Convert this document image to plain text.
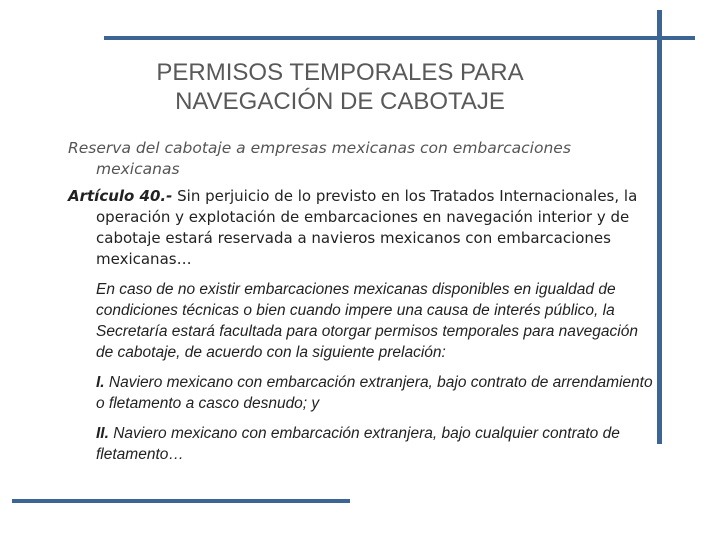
PERMISOS TEMPORALES PARA
NAVEGACIÓN DE CABOTAJE

Reserva del cabotaje a empresas mexicanas con embarcaciones mexicanas

Artículo 40.- Sin perjuicio de lo previsto en los Tratados Internacionales, la operación y explotación de embarcaciones en navegación interior y de cabotaje estará reservada a navieros mexicanos con embarcaciones mexicanas…

En caso de no existir embarcaciones mexicanas disponibles en igualdad de condiciones técnicas o bien cuando impere una causa de interés público, la Secretaría estará facultada para otorgar permisos temporales para navegación de cabotaje, de acuerdo con la siguiente prelación:

I. Naviero mexicano con embarcación extranjera, bajo contrato de arrendamiento o fletamento a casco desnudo; y

II. Naviero mexicano con embarcación extranjera, bajo cualquier contrato de fletamento…
